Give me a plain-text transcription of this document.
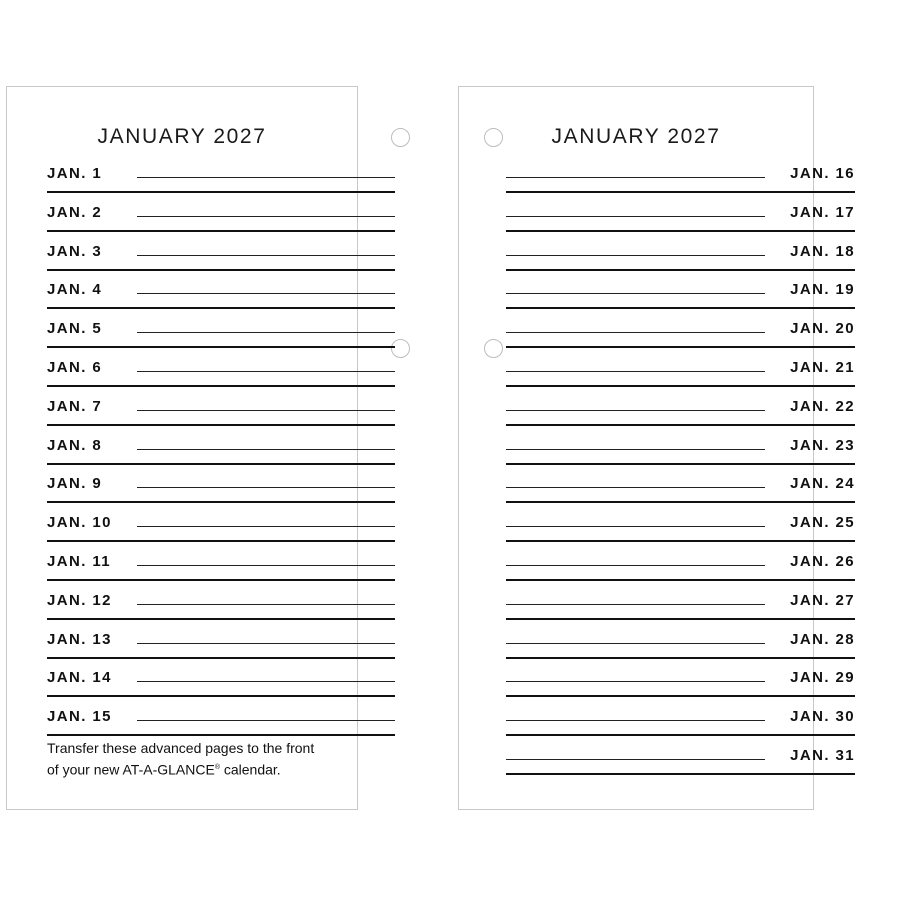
JANUARY 2027
JAN. 1
JAN. 2
JAN. 3
JAN. 4
JAN. 5
JAN. 6
JAN. 7
JAN. 8
JAN. 9
JAN. 10
JAN. 11
JAN. 12
JAN. 13
JAN. 14
JAN. 15
Transfer these advanced pages to the front
of your new AT-A-GLANCE® calendar.
JANUARY 2027
JAN. 16
JAN. 17
JAN. 18
JAN. 19
JAN. 20
JAN. 21
JAN. 22
JAN. 23
JAN. 24
JAN. 25
JAN. 26
JAN. 27
JAN. 28
JAN. 29
JAN. 30
JAN. 31
